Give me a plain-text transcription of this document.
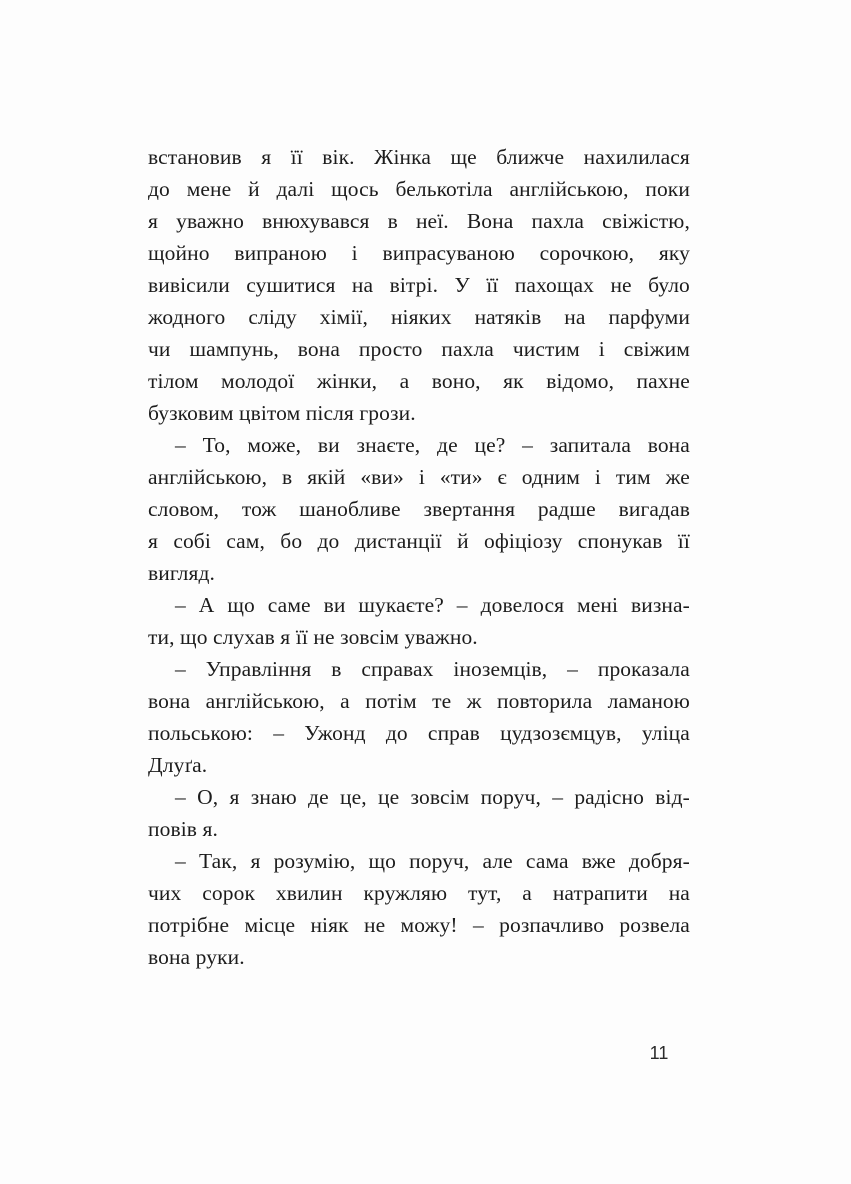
встановив я її вік. Жінка ще ближче нахилилася
до мене й далі щось белькотіла англійською, поки
я уважно внюхувався в неї. Вона пахла свіжістю,
щойно випраною і випрасуваною сорочкою, яку
вивісили сушитися на вітрі. У її пахощах не було
жодного сліду хімії, ніяких натяків на парфуми
чи шампунь, вона просто пахла чистим і свіжим
тілом молодої жінки, а воно, як відомо, пахне
бузковим цвітом після грози.
– То, може, ви знаєте, де це? – запитала вона
англійською, в якій «ви» і «ти» є одним і тим же
словом, тож шанобливе звертання радше вигадав
я собі сам, бо до дистанції й офіціозу спонукав її
вигляд.
– А що саме ви шукаєте? – довелося мені визна-
ти, що слухав я її не зовсім уважно.
– Управління в справах іноземців, – проказала
вона англійською, а потім те ж повторила ламаною
польською: – Ужонд до справ цудзозємцув, уліца
Длуґа.
– О, я знаю де це, це зовсім поруч, – радісно від-
повів я.
– Так, я розумію, що поруч, але сама вже добря-
чих сорок хвилин кружляю тут, а натрапити на
потрібне місце ніяк не можу! – розпачливо розвела
вона руки.
11
